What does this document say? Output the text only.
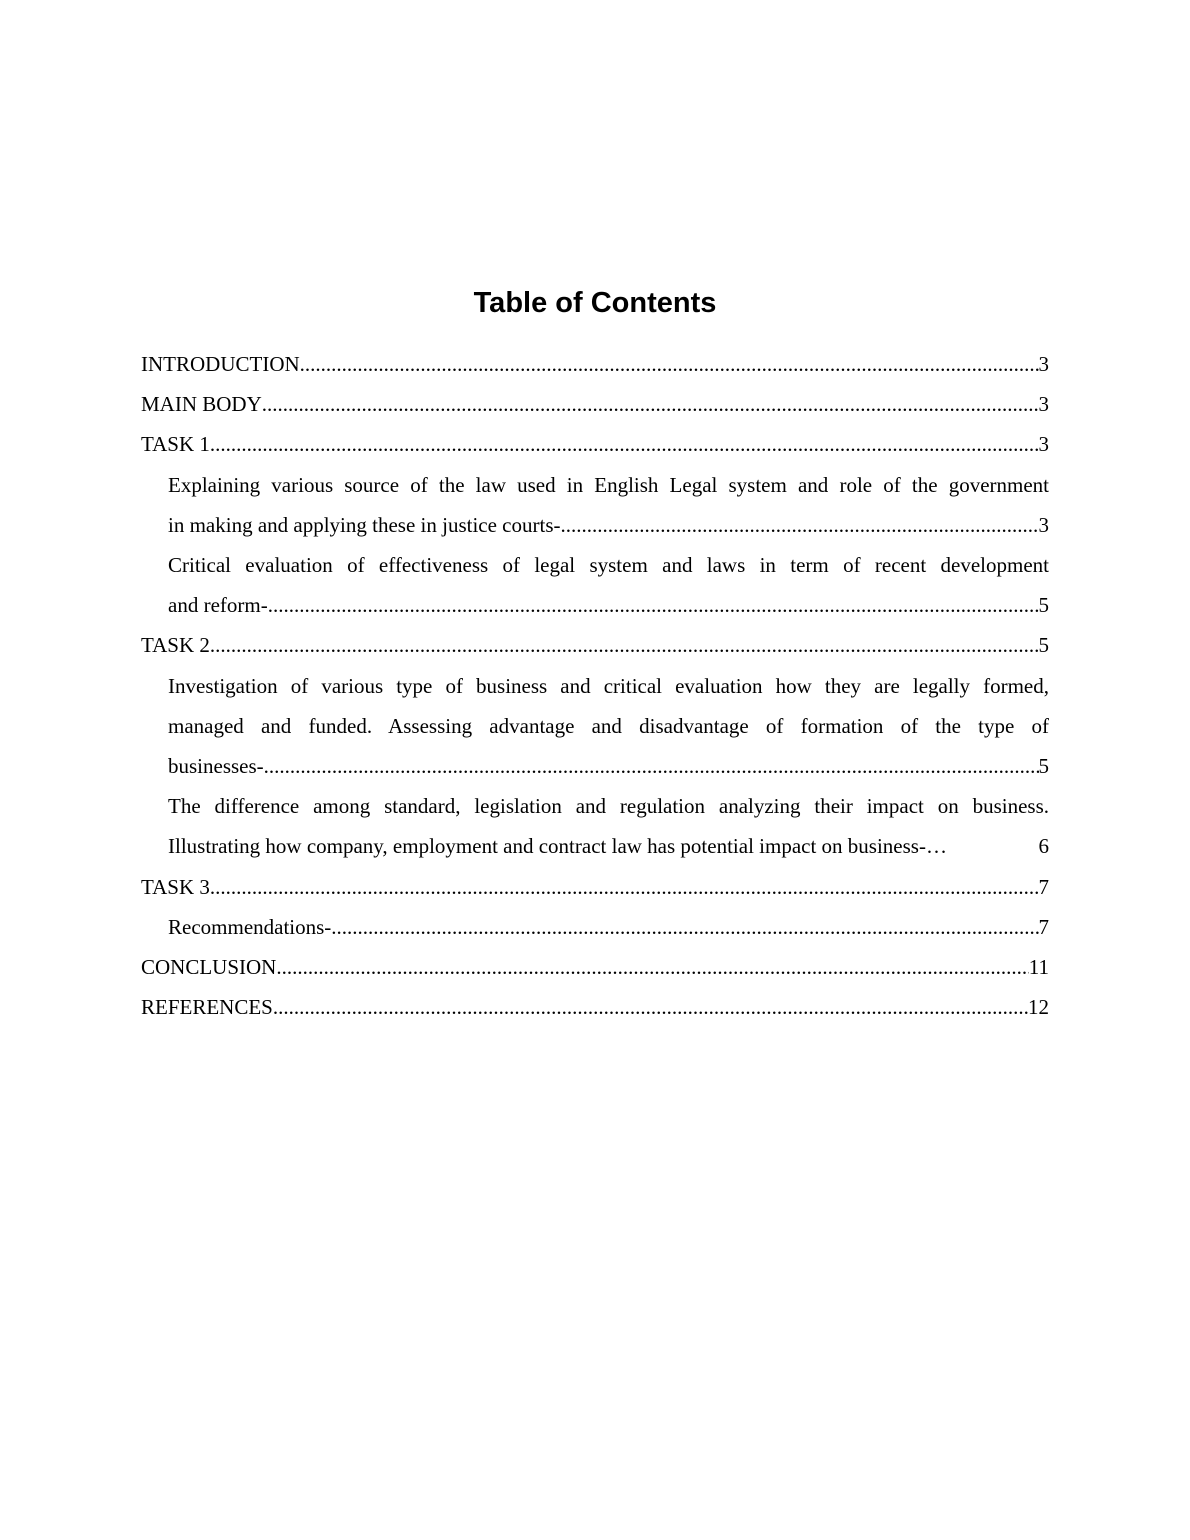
Table of Contents
INTRODUCTION .....	3
MAIN BODY .....	3
TASK 1 .....	3
Explaining various source of the law used in English Legal system and role of the government
in making and applying these in justice courts- .....	3
Critical evaluation of effectiveness of legal system and laws in term of recent development
and reform- .....	5
TASK 2 .....	5
Investigation of various type of business and critical evaluation how they are legally formed,
managed and funded. Assessing advantage and disadvantage of formation of the type of
businesses- .....	5
The difference among standard, legislation and regulation analyzing their impact on business.
Illustrating how company, employment and contract law has potential impact on business- …	6
TASK 3 .....	7
Recommendations- .....	7
CONCLUSION .....	11
REFERENCES .....	12
